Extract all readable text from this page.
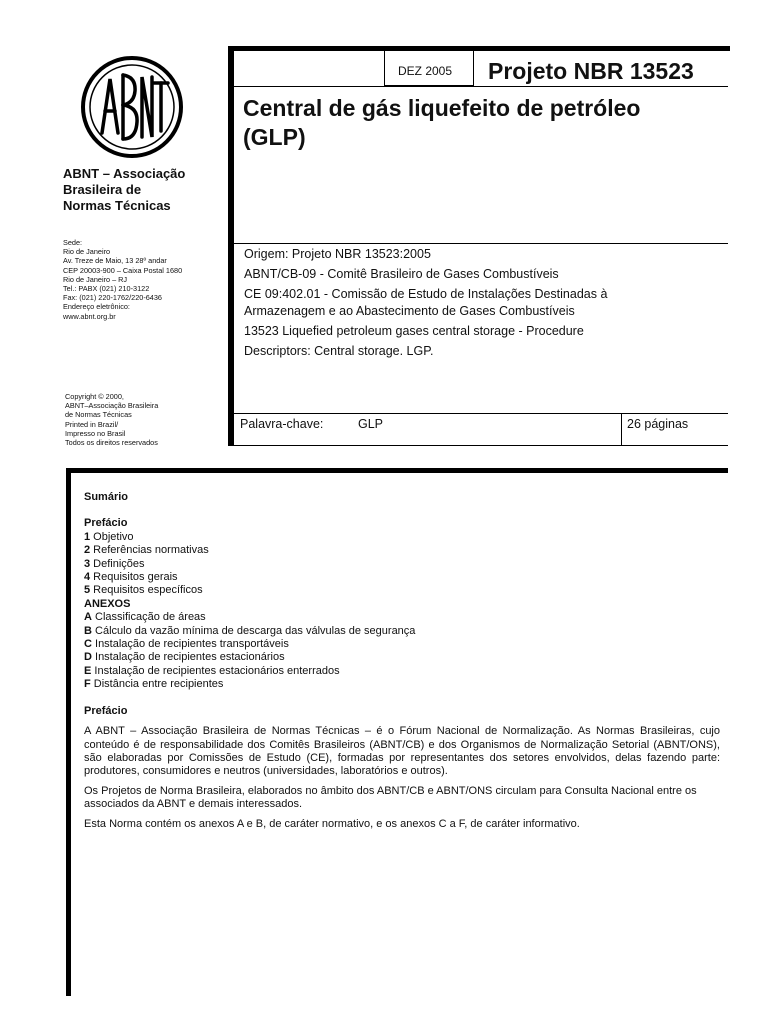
ABNT – Associação
Brasileira de
Normas Técnicas
Sede:
Rio de Janeiro
Av. Treze de Maio, 13 28º andar
CEP 20003-900 – Caixa Postal 1680
Rio de Janeiro – RJ
Tel.: PABX (021) 210-3122
Fax: (021) 220-1762/220-6436
Endereço eletrônico:
www.abnt.org.br
Copyright © 2000,
ABNT–Associação Brasileira
de Normas Técnicas
Printed in Brazil/
Impresso no Brasil
Todos os direitos reservados
DEZ 2005 Projeto NBR 13523
Central de gás liquefeito de petróleo
(GLP)

Origem: Projeto NBR 13523:2005

ABNT/CB-09 - Comitê Brasileiro de Gases Combustíveis

CE 09:402.01 - Comissão de Estudo de Instalações Destinadas à

Armazenagem e ao Abastecimento de Gases Combustíveis

13523 Liquefied petroleum gases central storage - Procedure

Descriptors: Central storage. LGP.

Palavra-chave:	GLP	26 páginas

Sumário

Prefácio

1 Objetivo
2 Referências normativas
3 Definições
4 Requisitos gerais
5 Requisitos específicos

ANEXOS

A Classificação de áreas
B Cálculo da vazão mínima de descarga das válvulas de segurança
C Instalação de recipientes transportáveis
D Instalação de recipientes estacionários
E Instalação de recipientes estacionários enterrados
F Distância entre recipientes

Prefácio

A ABNT – Associação Brasileira de Normas Técnicas – é o Fórum Nacional de Normalização. As Normas Brasileiras, cujo conteúdo é de responsabilidade dos Comitês Brasileiros (ABNT/CB) e dos Organismos de Normalização Setorial (ABNT/ONS), são elaboradas por Comissões de Estudo (CE), formadas por representantes dos setores envolvidos, delas fazendo parte: produtores, consumidores e neutros (universidades, laboratórios e outros).

Os Projetos de Norma Brasileira, elaborados no âmbito dos ABNT/CB e ABNT/ONS circulam para Consulta Nacional entre os associados da ABNT e demais interessados.

Esta Norma contém os anexos A e B, de caráter normativo, e os anexos C a F, de caráter informativo.
